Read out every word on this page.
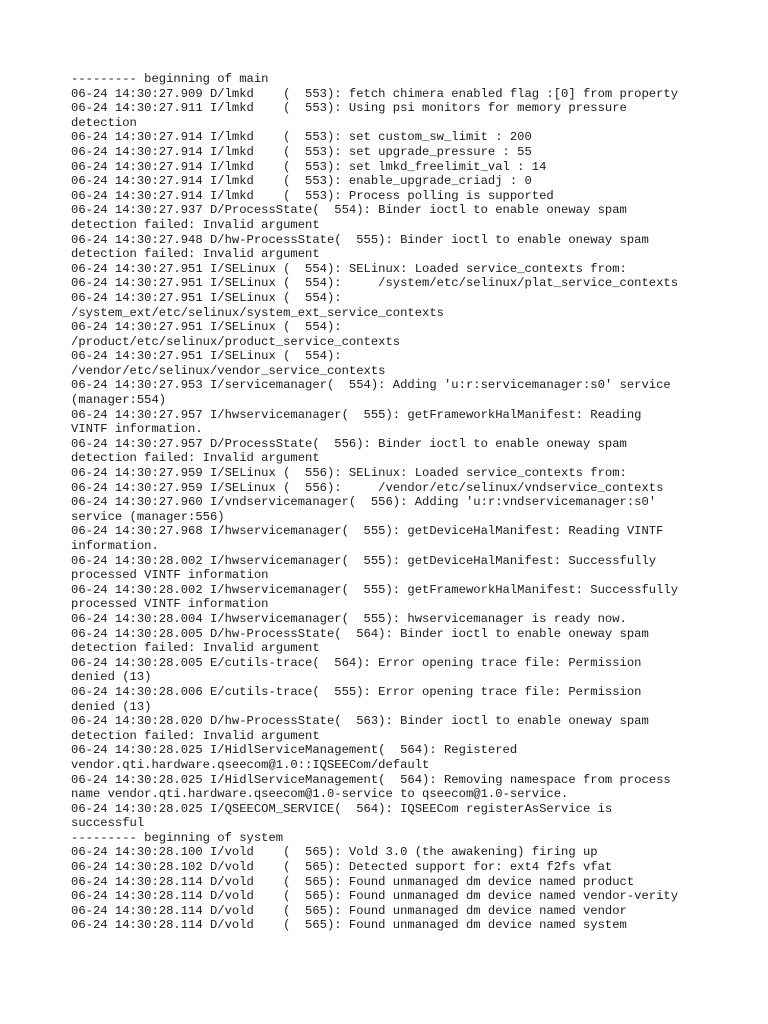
--------- beginning of main
06-24 14:30:27.909 D/lmkd    (  553): fetch chimera enabled flag :[0] from property
06-24 14:30:27.911 I/lmkd    (  553): Using psi monitors for memory pressure
detection
06-24 14:30:27.914 I/lmkd    (  553): set custom_sw_limit : 200
06-24 14:30:27.914 I/lmkd    (  553): set upgrade_pressure : 55
06-24 14:30:27.914 I/lmkd    (  553): set lmkd_freelimit_val : 14
06-24 14:30:27.914 I/lmkd    (  553): enable_upgrade_criadj : 0
06-24 14:30:27.914 I/lmkd    (  553): Process polling is supported
06-24 14:30:27.937 D/ProcessState(  554): Binder ioctl to enable oneway spam
detection failed: Invalid argument
06-24 14:30:27.948 D/hw-ProcessState(  555): Binder ioctl to enable oneway spam
detection failed: Invalid argument
06-24 14:30:27.951 I/SELinux (  554): SELinux: Loaded service_contexts from:
06-24 14:30:27.951 I/SELinux (  554):     /system/etc/selinux/plat_service_contexts
06-24 14:30:27.951 I/SELinux (  554):
/system_ext/etc/selinux/system_ext_service_contexts
06-24 14:30:27.951 I/SELinux (  554):
/product/etc/selinux/product_service_contexts
06-24 14:30:27.951 I/SELinux (  554):
/vendor/etc/selinux/vendor_service_contexts
06-24 14:30:27.953 I/servicemanager(  554): Adding 'u:r:servicemanager:s0' service
(manager:554)
06-24 14:30:27.957 I/hwservicemanager(  555): getFrameworkHalManifest: Reading
VINTF information.
06-24 14:30:27.957 D/ProcessState(  556): Binder ioctl to enable oneway spam
detection failed: Invalid argument
06-24 14:30:27.959 I/SELinux (  556): SELinux: Loaded service_contexts from:
06-24 14:30:27.959 I/SELinux (  556):     /vendor/etc/selinux/vndservice_contexts
06-24 14:30:27.960 I/vndservicemanager(  556): Adding 'u:r:vndservicemanager:s0'
service (manager:556)
06-24 14:30:27.968 I/hwservicemanager(  555): getDeviceHalManifest: Reading VINTF
information.
06-24 14:30:28.002 I/hwservicemanager(  555): getDeviceHalManifest: Successfully
processed VINTF information
06-24 14:30:28.002 I/hwservicemanager(  555): getFrameworkHalManifest: Successfully
processed VINTF information
06-24 14:30:28.004 I/hwservicemanager(  555): hwservicemanager is ready now.
06-24 14:30:28.005 D/hw-ProcessState(  564): Binder ioctl to enable oneway spam
detection failed: Invalid argument
06-24 14:30:28.005 E/cutils-trace(  564): Error opening trace file: Permission
denied (13)
06-24 14:30:28.006 E/cutils-trace(  555): Error opening trace file: Permission
denied (13)
06-24 14:30:28.020 D/hw-ProcessState(  563): Binder ioctl to enable oneway spam
detection failed: Invalid argument
06-24 14:30:28.025 I/HidlServiceManagement(  564): Registered
vendor.qti.hardware.qseecom@1.0::IQSEECom/default
06-24 14:30:28.025 I/HidlServiceManagement(  564): Removing namespace from process
name vendor.qti.hardware.qseecom@1.0-service to qseecom@1.0-service.
06-24 14:30:28.025 I/QSEECOM_SERVICE(  564): IQSEECom registerAsService is
successful
--------- beginning of system
06-24 14:30:28.100 I/vold    (  565): Vold 3.0 (the awakening) firing up
06-24 14:30:28.102 D/vold    (  565): Detected support for: ext4 f2fs vfat
06-24 14:30:28.114 D/vold    (  565): Found unmanaged dm device named product
06-24 14:30:28.114 D/vold    (  565): Found unmanaged dm device named vendor-verity
06-24 14:30:28.114 D/vold    (  565): Found unmanaged dm device named vendor
06-24 14:30:28.114 D/vold    (  565): Found unmanaged dm device named system
